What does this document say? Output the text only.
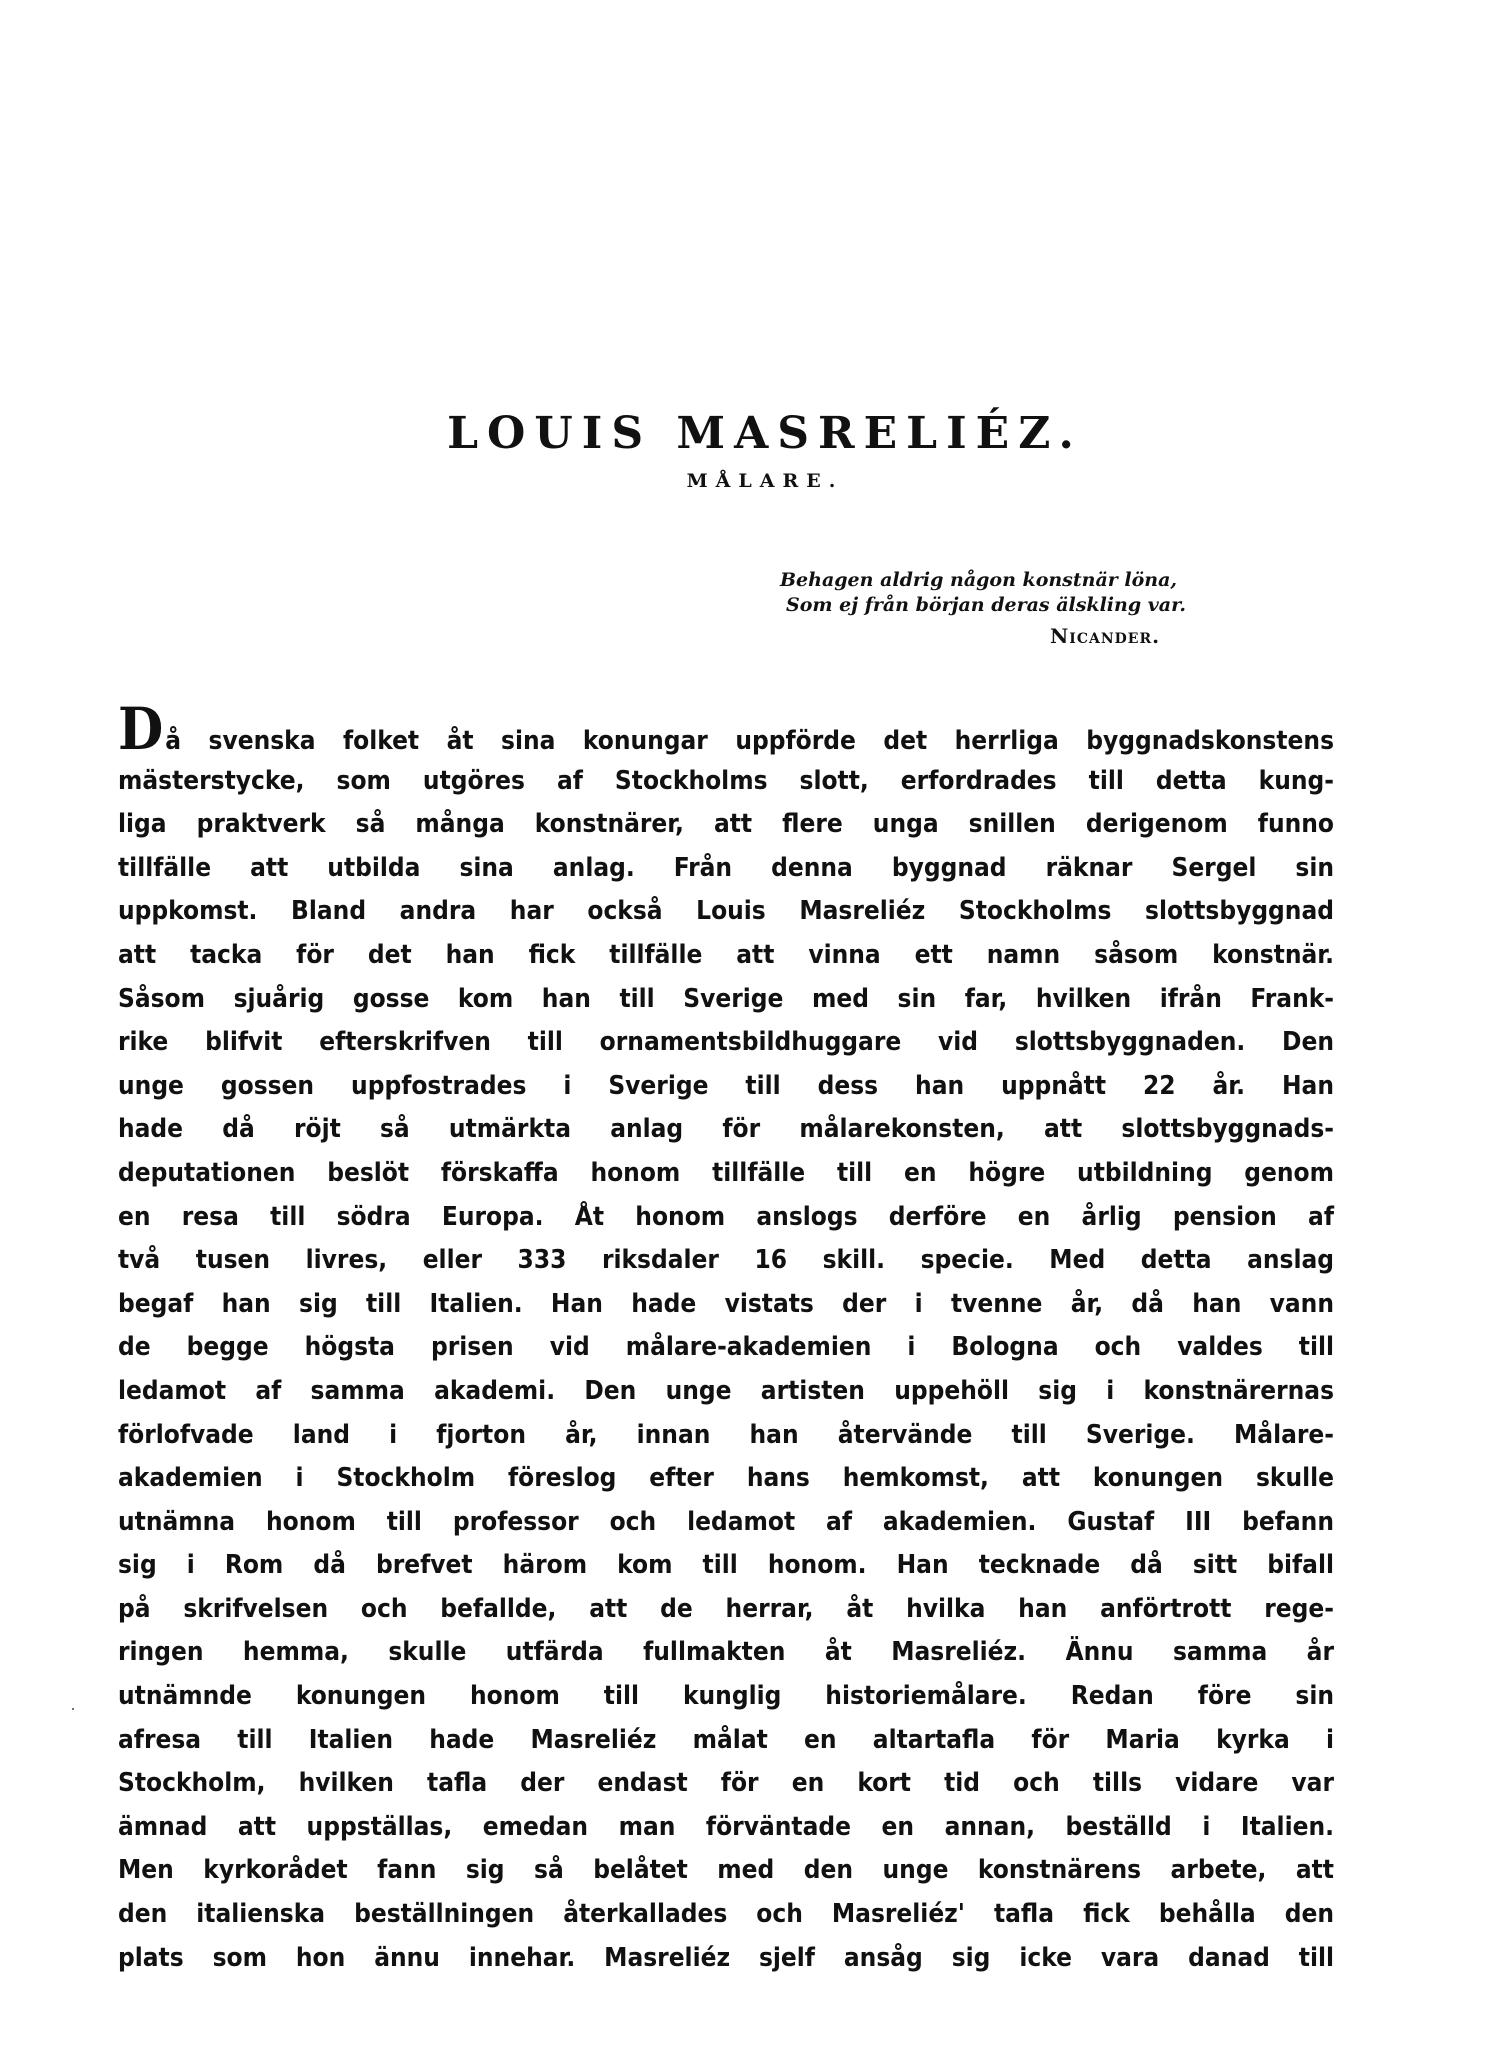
LOUIS MASRELIÉZ.
MÅLARE.
Behagen aldrig någon konstnär löna,
Som ej från början deras älskling var.
Nicander.
Då svenska folket åt sina konungar uppförde det herrliga byggnadskonstens
mästerstycke, som utgöres af Stockholms slott, erfordrades till detta kung-
liga praktverk så många konstnärer, att flere unga snillen derigenom funno
tillfälle att utbilda sina anlag. Från denna byggnad räknar Sergel sin
uppkomst. Bland andra har också Louis Masreliéz Stockholms slottsbyggnad
att tacka för det han fick tillfälle att vinna ett namn såsom konstnär.
Såsom sjuårig gosse kom han till Sverige med sin far, hvilken ifrån Frank-
rike blifvit efterskrifven till ornamentsbildhuggare vid slottsbyggnaden. Den
unge gossen uppfostrades i Sverige till dess han uppnått 22 år. Han
hade då röjt så utmärkta anlag för målarekonsten, att slottsbyggnads-
deputationen beslöt förskaffa honom tillfälle till en högre utbildning genom
en resa till södra Europa. Åt honom anslogs derföre en årlig pension af
två tusen livres, eller 333 riksdaler 16 skill. specie. Med detta anslag
begaf han sig till Italien. Han hade vistats der i tvenne år, då han vann
de begge högsta prisen vid målare-akademien i Bologna och valdes till
ledamot af samma akademi. Den unge artisten uppehöll sig i konstnärernas
förlofvade land i fjorton år, innan han återvände till Sverige. Målare-
akademien i Stockholm föreslog efter hans hemkomst, att konungen skulle
utnämna honom till professor och ledamot af akademien. Gustaf III befann
sig i Rom då brefvet härom kom till honom. Han tecknade då sitt bifall
på skrifvelsen och befallde, att de herrar, åt hvilka han anförtrott rege-
ringen hemma, skulle utfärda fullmakten åt Masreliéz. Ännu samma år
utnämnde konungen honom till kunglig historiemålare. Redan före sin
afresa till Italien hade Masreliéz målat en altartafla för Maria kyrka i
Stockholm, hvilken tafla der endast för en kort tid och tills vidare var
ämnad att uppställas, emedan man förväntade en annan, beställd i Italien.
Men kyrkorådet fann sig så belåtet med den unge konstnärens arbete, att
den italienska beställningen återkallades och Masreliéz' tafla fick behålla den
plats som hon ännu innehar. Masreliéz sjelf ansåg sig icke vara danad till
